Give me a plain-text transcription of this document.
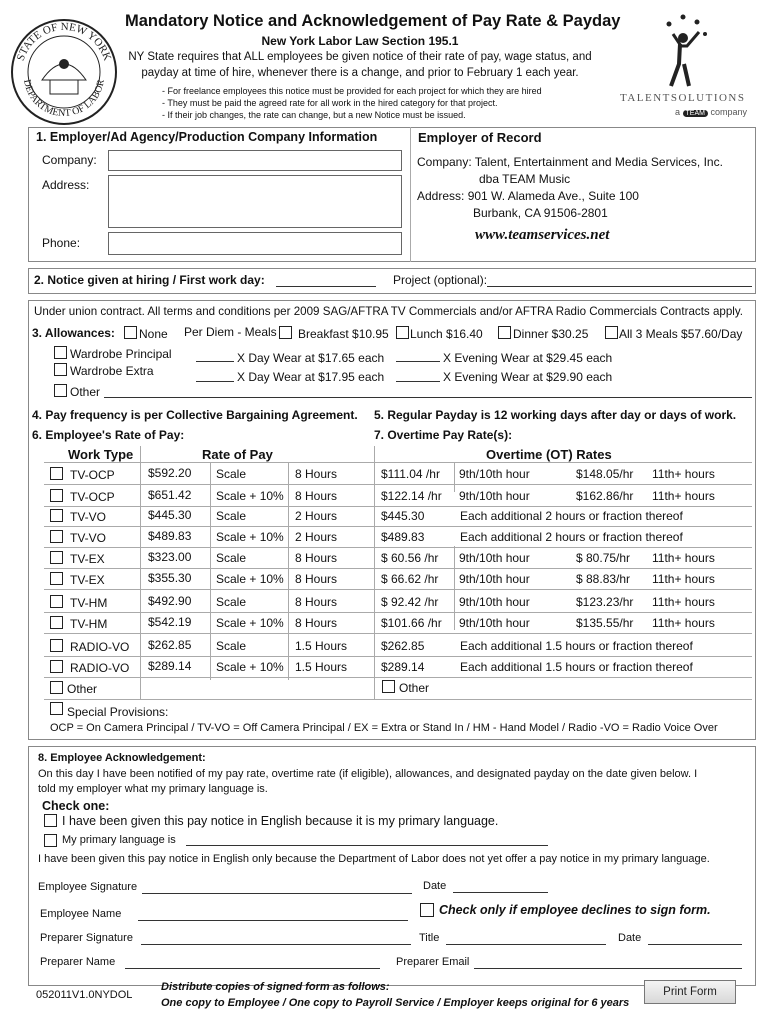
STATE OF NEW YORK
DEPARTMENT OF LABOR
Mandatory Notice and Acknowledgement of Pay Rate & Payday
New York Labor Law Section 195.1
NY State requires that ALL employees be given notice of their rate of pay, wage status, and
payday at time of hire, whenever there is a change, and prior to February 1 each year.
- For freelance employees this notice must be provided for each project for which they are hired
- They must be paid the agreed rate for all work in the hired category for that project.
- If their job changes, the rate can change, but a new Notice must be issued.
TALENTSOLUTIONS
a TEAM company
1. Employer/Ad Agency/Production Company Information
Company:
Address:
Phone:
Employer of Record
Company: Talent, Entertainment and Media Services, Inc.
dba TEAM Music
Address: 901 W. Alameda Ave., Suite 100
Burbank, CA 91506-2801
www.teamservices.net
2. Notice given at hiring / First work day:	Project (optional):
Under union contract. All terms and conditions per 2009 SAG/AFTRA TV Commercials and/or AFTRA Radio Commercials Contracts apply.
3. Allowances: None Per Diem - Meals Breakfast $10.95 Lunch $16.40	Dinner $30.25	All 3 Meals $57.60/Day
Wardrobe Principal
Wardrobe Extra
X Day Wear at $17.65 each
X Day Wear at $17.95 each
X Evening Wear at $29.45 each
X Evening Wear at $29.90 each
Other
4. Pay frequency is per Collective Bargaining Agreement. 5. Regular Payday is 12 working days after day or days of work.
6. Employee's Rate of Pay:	7. Overtime Pay Rate(s):
Work Type	Rate of Pay	Overtime (OT) Rates
TV-OCP	$592.20 Scale	8 Hours	$111.04 /hr 9th/10th hour	$148.05/hr 11th+ hours
TV-OCP	$651.42 Scale + 10% 8 Hours	$122.14 /hr 9th/10th hour	$162.86/hr 11th+ hours
TV-VO	$445.30 Scale	2 Hours	$445.30	Each additional 2 hours or fraction thereof
TV-VO	$489.83 Scale + 10% 2 Hours	$489.83	Each additional 2 hours or fraction thereof
TV-EX	$323.00 Scale	8 Hours	$ 60.56 /hr 9th/10th hour	$ 80.75/hr 11th+ hours
TV-EX	$355.30 Scale + 10% 8 Hours	$ 66.62 /hr 9th/10th hour	$ 88.83/hr 11th+ hours
TV-HM	$492.90 Scale	8 Hours	$ 92.42 /hr 9th/10th hour	$123.23/hr 11th+ hours
TV-HM	$542.19 Scale + 10% 8 Hours	$101.66 /hr 9th/10th hour	$135.55/hr 11th+ hours
RADIO-VO $262.85 Scale	1.5 Hours	$262.85	Each additional 1.5 hours or fraction thereof
RADIO-VO $289.14 Scale + 10% 1.5 Hours	$289.14	Each additional 1.5 hours or fraction thereof
Other	Other
Special Provisions:
OCP = On Camera Principal / TV-VO = Off Camera Principal / EX = Extra or Stand In / HM - Hand Model / Radio -VO = Radio Voice Over
8. Employee Acknowledgement:
On this day I have been notified of my pay rate, overtime rate (if eligible), allowances, and designated payday on the date given below. I
told my employer what my primary language is.
Check one:
I have been given this pay notice in English because it is my primary language.
My primary language is
I have been given this pay notice in English only because the Department of Labor does not yet offer a pay notice in my primary language.
Employee Signature	Date
Employee Name	Check only if employee declines to sign form.
Preparer Signature	Title	Date
Preparer Name	Preparer Email
052011V1.0NYDOL
Distribute copies of signed form as follows:
One copy to Employee / One copy to Payroll Service / Employer keeps original for 6 years
Print Form
